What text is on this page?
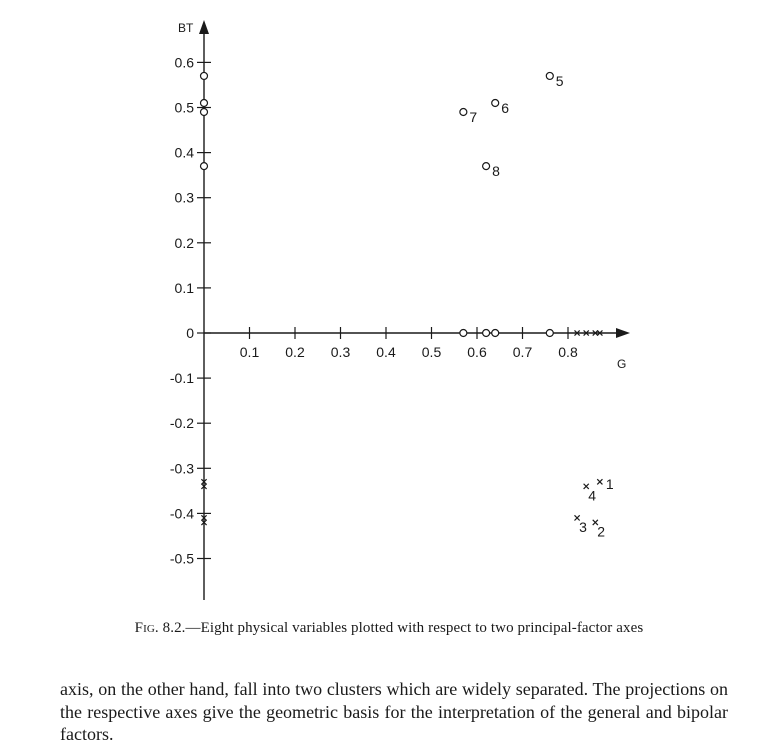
BT
G
0.6
0.5
0.4
0.3
0.2
0.1
0
-0.1
-0.2
-0.3
-0.4
-0.5
0.1 0.2 0.3 0.4 0.5 0.6 0.7 0.8
1
2
3
4
5
6
7
8
Fig. 8.2.—Eight physical variables plotted with respect to two principal-factor axes
axis, on the other hand, fall into two clusters which are widely separated. The projections on the respective axes give the geometric basis for the interpretation of the general and bipolar factors.
